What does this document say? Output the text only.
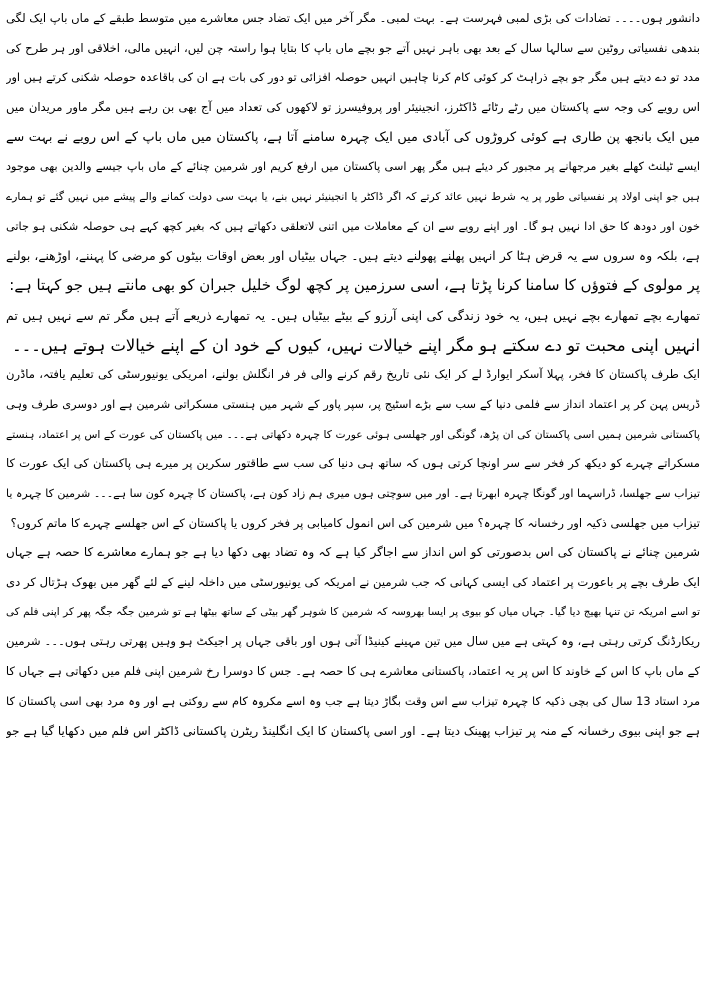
دانشور ہوں۔۔۔۔ تضادات کی بڑی لمبی فہرست ہے۔ بہت لمبی۔ مگر آخر میں ایک تضاد جس معاشرے میں متوسط طبقے کے ماں باپ ایک لگی
بندھی نفسیاتی روٹین سے سالہا سال کے بعد بھی باہر نہیں آتے جو بچے ماں باپ کا بتایا ہوا راستہ چن لیں، انہیں مالی، اخلاقی اور ہر طرح کی
مدد تو دے دیتے ہیں مگر جو بچے ذراہٹ کر کوئی کام کرنا چاہیں انہیں حوصلہ افزائی تو دور کی بات ہے ان کی باقاعدہ حوصلہ شکنی کرتے ہیں اور
اس رویے کی وجہ سے پاکستان میں رٹے رٹائے ڈاکٹرز، انجینیئر اور پروفیسرز تو لاکھوں کی تعداد میں آج بھی بن رہے ہیں مگر ماور مریدان میں
میں ایک بانجھ پن طاری ہے کوئی کروڑوں کی آبادی میں ایک چہرہ سامنے آتا ہے، پاکستان میں ماں باپ کے اس رویے نے بہت سے
ایسے ٹیلنٹ کھلے بغیر مرجھانے پر مجبور کر دیئے ہیں مگر پھر اسی پاکستان میں ارفع کریم اور شرمین چنائے کے ماں باپ جیسے والدین بھی موجود
ہیں جو اپنی اولاد پر نفسیاتی طور پر یہ شرط نہیں عائد کرتے کہ اگر ڈاکٹر یا انجینیئر نہیں بنے، یا بہت سی دولت کمانے والے پیشے میں نہیں گئے تو ہمارے
خون اور دودھ کا حق ادا نہیں ہو گا۔ اور اپنے رویے سے ان کے معاملات میں اتنی لاتعلقی دکھاتے ہیں کہ بغیر کچھ کہے ہی حوصلہ شکنی ہو جاتی
ہے، بلکہ وہ سروں سے یہ قرض ہٹا کر انہیں پھلنے پھولنے دیتے ہیں۔ جہاں بیٹیاں اور بعض اوقات بیٹوں کو مرضی کا پہننے، اوڑھنے، بولنے
پر مولوی کے فتوؤں کا سامنا کرنا پڑتا ہے، اسی سرزمین پر کچھ لوگ خلیل جبران کو بھی مانتے ہیں جو کہتا ہے:
تمھارے بچے تمھارے بچے نہیں ہیں، یہ خود زندگی کی اپنی آرزو کے بیٹے بیٹیاں ہیں۔ یہ تمھارے ذریعے آتے ہیں مگر تم سے نہیں ہیں تم
انہیں اپنی محبت تو دے سکتے ہو مگر اپنے خیالات نہیں، کیوں کے خود ان کے اپنے خیالات ہوتے ہیں۔۔۔
ایک طرف پاکستان کا فخر، پہلا آسکر ایوارڈ لے کر ایک نئی تاریخ رقم کرنے والی فر فر انگلش بولنے، امریکی یونیورسٹی کی تعلیم یافتہ، ماڈرن
ڈریس پہن کر پر اعتماد انداز سے فلمی دنیا کے سب سے بڑے اسٹیج پر، سپر پاور کے شہر میں ہنستی مسکراتی شرمین ہے اور دوسری طرف وہی
پاکستانی شرمین ہمیں اسی پاکستان کی ان پڑھ، گونگی اور جھلسی ہوئی عورت کا چہرہ دکھاتی ہے۔۔۔ میں پاکستان کی عورت کے اس پر اعتماد، ہنستے
مسکراتے چہرے کو دیکھ کر فخر سے سر اونچا کرتی ہوں کہ ساتھ ہی دنیا کی سب سے طاقتور سکرین پر میرے ہی پاکستان کی ایک عورت کا
تیزاب سے جھلسا، ڈراسہما اور گونگا چہرہ ابھرتا ہے۔ اور میں سوچتی ہوں میری ہم زاد کون ہے، پاکستان کا چہرہ کون سا ہے۔۔۔ شرمین کا چہرہ یا
تیزاب میں جھلسی ذکیہ اور رخسانہ کا چہرہ؟ میں شرمین کی اس انمول کامیابی پر فخر کروں یا پاکستان کے اس جھلسے چہرے کا ماتم کروں؟
شرمین چنائے نے پاکستان کی اس بدصورتی کو اس انداز سے اجاگر کیا ہے کہ وہ تضاد بھی دکھا دیا ہے جو ہمارے معاشرے کا حصہ ہے جہاں
ایک طرف بچے پر باعورت پر اعتماد کی ایسی کہانی کہ جب شرمین نے امریکہ کی یونیورسٹی میں داخلہ لینے کے لئے گھر میں بھوک ہڑتال کر دی
تو اسے امریکہ تن تنہا بھیج دیا گیا۔ جہاں میاں کو بیوی پر ایسا بھروسہ کہ شرمین کا شوہر گھر بیٹی کے ساتھ بیٹھا ہے تو شرمین جگہ جگہ پھر کر اپنی فلم کی
ریکارڈنگ کرتی رہتی ہے، وہ کہتی ہے میں سال میں تین مہینے کینیڈا آتی ہوں اور باقی جہاں پر اجیکٹ ہو وہیں پھرتی رہتی ہوں۔۔۔ شرمین
کے ماں باپ کا اس کے خاوند کا اس پر یہ اعتماد، پاکستانی معاشرے ہی کا حصہ ہے۔ جس کا دوسرا رخ شرمین اپنی فلم میں دکھاتی ہے جہاں کا
مرد استاد 13 سال کی بچی ذکیہ کا چہرہ تیزاب سے اس وقت بگاڑ دیتا ہے جب وہ اسے مکروہ کام سے روکتی ہے اور وہ مرد بھی اسی پاکستان کا
ہے جو اپنی بیوی رخسانہ کے منہ پر تیزاب پھینک دیتا ہے۔ اور اسی پاکستان کا ایک انگلینڈ ریٹرن پاکستانی ڈاکٹر اس فلم میں دکھایا گیا ہے جو
